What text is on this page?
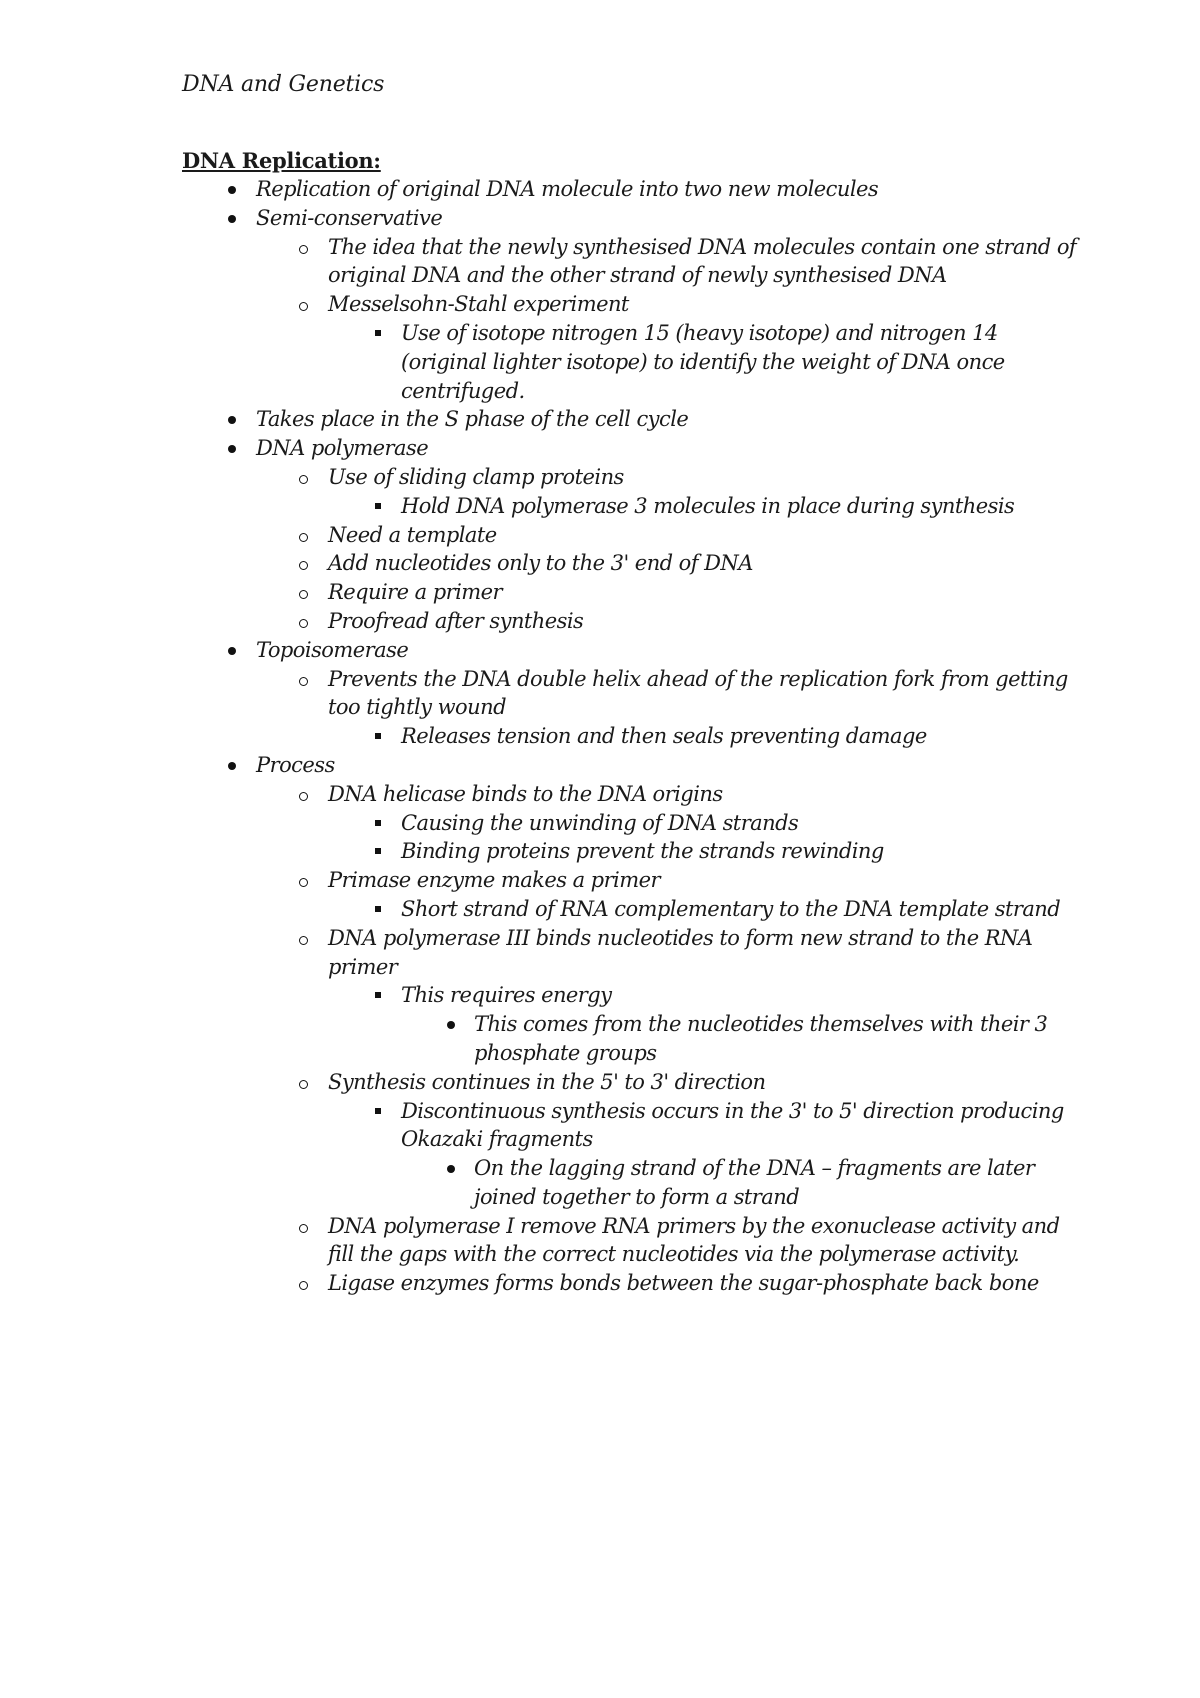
DNA and Genetics
DNA Replication:
Replication of original DNA molecule into two new molecules
Semi-conservative
The idea that the newly synthesised DNA molecules contain one strand of original DNA and the other strand of newly synthesised DNA
Messelsohn-Stahl experiment
Use of isotope nitrogen 15 (heavy isotope) and nitrogen 14 (original lighter isotope) to identify the weight of DNA once centrifuged.
Takes place in the S phase of the cell cycle
DNA polymerase
Use of sliding clamp proteins
Hold DNA polymerase 3 molecules in place during synthesis
Need a template
Add nucleotides only to the 3' end of DNA
Require a primer
Proofread after synthesis
Topoisomerase
Prevents the DNA double helix ahead of the replication fork from getting too tightly wound
Releases tension and then seals preventing damage
Process
DNA helicase binds to the DNA origins
Causing the unwinding of DNA strands
Binding proteins prevent the strands rewinding
Primase enzyme makes a primer
Short strand of RNA complementary to the DNA template strand
DNA polymerase III binds nucleotides to form new strand to the RNA primer
This requires energy
This comes from the nucleotides themselves with their 3 phosphate groups
Synthesis continues in the 5' to 3' direction
Discontinuous synthesis occurs in the 3' to 5' direction producing Okazaki fragments
On the lagging strand of the DNA – fragments are later joined together to form a strand
DNA polymerase I remove RNA primers by the exonuclease activity and fill the gaps with the correct nucleotides via the polymerase activity.
Ligase enzymes forms bonds between the sugar-phosphate back bone
